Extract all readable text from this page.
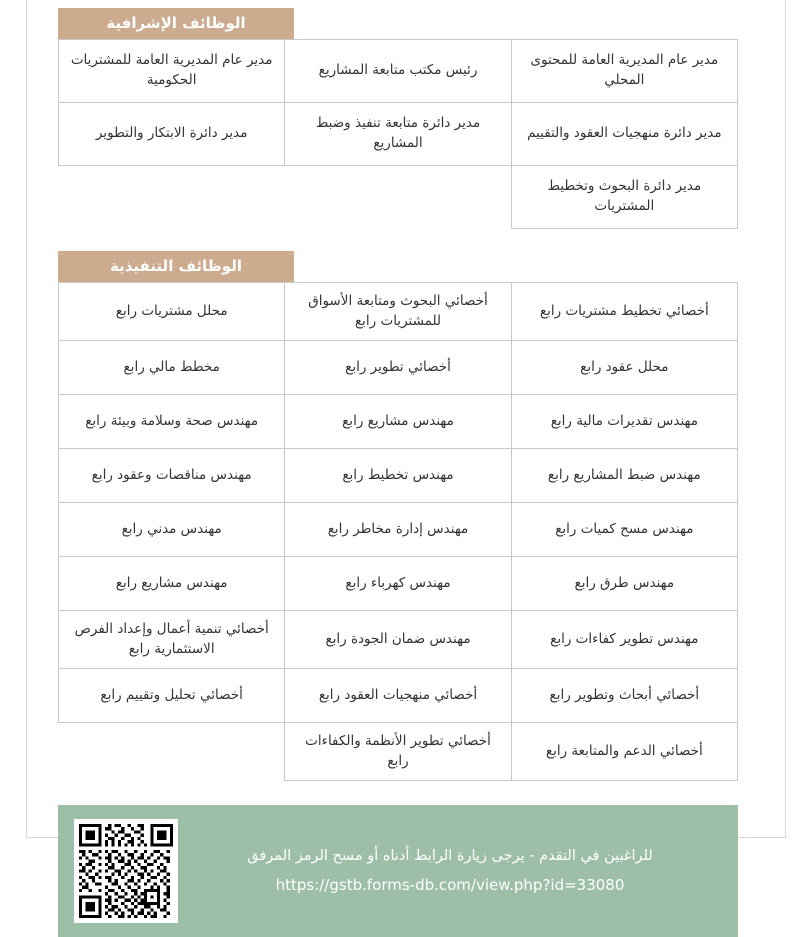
الوظائف الإشرافية
مدير عام المديرية العامة للمحتوى المحلي	رئيس مكتب متابعة المشاريع	مدير عام المديرية العامة للمشتريات الحكومية
مدير دائرة منهجيات العقود والتقييم	مدير دائرة متابعة تنفيذ وضبط المشاريع	مدير دائرة الابتكار والتطوير
مدير دائرة البحوث وتخطيط المشتريات		
الوظائف التنفيذية
أخصائي تخطيط مشتريات رابع	أخصائي البحوث ومتابعة الأسواق للمشتريات رابع	محلل مشتريات رابع
محلل عقود رابع	أخصائي تطوير رابع	مخطط مالي رابع
مهندس تقديرات مالية رابع	مهندس مشاريع رابع	مهندس صحة وسلامة وبيئة رابع
مهندس ضبط المشاريع رابع	مهندس تخطيط رابع	مهندس مناقصات وعقود رابع
مهندس مسح كميات رابع	مهندس إدارة مخاطر رابع	مهندس مدني رابع
مهندس طرق رابع	مهندس كهرباء رابع	مهندس مشاريع رابع
مهندس تطوير كفاءات رابع	مهندس ضمان الجودة رابع	أخصائي تنمية أعمال وإعداد الفرص الاستثمارية رابع
أخصائي أبحاث وتطوير رابع	أخصائي منهجيات العقود رابع	أخصائي تحليل وتقييم رابع
أخصائي الدعم والمتابعة رابع	أخصائي تطوير الأنظمة والكفاءات رابع	
للراغبين في التقدم - يرجى زيارة الرابط أدناه أو مسح الرمز المرفق
https://gstb.forms-db.com/view.php?id=33080
